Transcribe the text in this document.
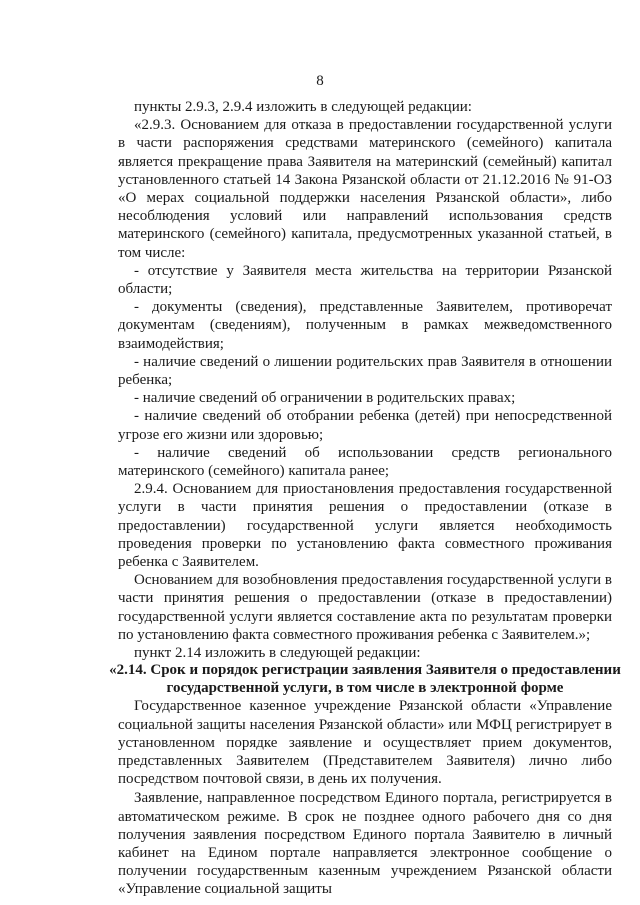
8

пункты 2.9.3, 2.9.4 изложить в следующей редакции:

«2.9.3. Основанием для отказа в предоставлении государственной услуги в части распоряжения средствами материнского (семейного) капитала является прекращение права Заявителя на материнский (семейный) капитал установленного статьей 14 Закона Рязанской области от 21.12.2016 № 91-ОЗ «О мерах социальной поддержки населения Рязанской области», либо несоблюдения условий или направлений использования средств материнского (семейного) капитала, предусмотренных указанной статьей, в том числе:

- отсутствие у Заявителя места жительства на территории Рязанской области;

- документы (сведения), представленные Заявителем, противоречат документам (сведениям), полученным в рамках межведомственного взаимодействия;

- наличие сведений о лишении родительских прав Заявителя в отношении ребенка;

- наличие сведений об ограничении в родительских правах;

- наличие сведений об отобрании ребенка (детей) при непосредственной угрозе его жизни или здоровью;

- наличие сведений об использовании средств регионального материнского (семейного) капитала ранее;

2.9.4. Основанием для приостановления предоставления государственной услуги в части принятия решения о предоставлении (отказе в предоставлении) государственной услуги является необходимость проведения проверки по установлению факта совместного проживания ребенка с Заявителем.

Основанием для возобновления предоставления государственной услуги в части принятия решения о предоставлении (отказе в предоставлении) государственной услуги является составление акта по результатам проверки по установлению факта совместного проживания ребенка с Заявителем.»;

пункт 2.14 изложить в следующей редакции:

«2.14. Срок и порядок регистрации заявления Заявителя о предоставлении государственной услуги, в том числе в электронной форме

Государственное казенное учреждение Рязанской области «Управление социальной защиты населения Рязанской области» или МФЦ регистрирует в установленном порядке заявление и осуществляет прием документов, представленных Заявителем (Представителем Заявителя) лично либо посредством почтовой связи, в день их получения.

Заявление, направленное посредством Единого портала, регистрируется в автоматическом режиме. В срок не позднее одного рабочего дня со дня получения заявления посредством Единого портала Заявителю в личный кабинет на Едином портале направляется электронное сообщение о получении государственным казенным учреждением Рязанской области «Управление социальной защиты
